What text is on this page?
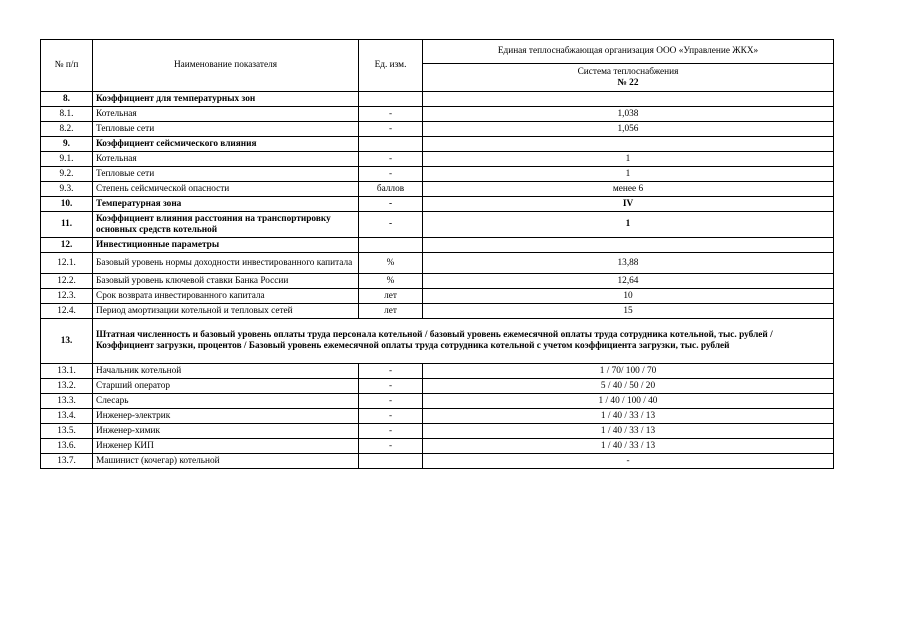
№ п/п	Наименование показателя	Ед. изм.	Единая теплоснабжающая организация ООО «Управление ЖКХ»

			Система теплоснабжения
№ 22

8.	Коэффициент для температурных зон		
8.1.	Котельная	-	1,038
8.2.	Тепловые сети	-	1,056
9.	Коэффициент сейсмического влияния		
9.1.	Котельная	-	1
9.2.	Тепловые сети	-	1
9.3.	Степень сейсмической опасности	баллов	менее 6
10.	Температурная зона	-	IV
11.	Коэффициент влияния расстояния на транспортировку основных средств котельной	-	1
12.	Инвестиционные параметры		
12.1.	Базовый уровень нормы доходности инвестированного капитала	%	13,88
12.2.	Базовый уровень ключевой ставки Банка России	%	12,64
12.3.	Срок возврата инвестированного капитала	лет	10
12.4.	Период амортизации котельной и тепловых сетей	лет	15
13.	Штатная численность и базовый уровень оплаты труда персонала котельной / базовый уровень ежемесячной оплаты труда сотрудника котельной, тыс. рублей / Коэффициент загрузки, процентов / Базовый уровень ежемесячной оплаты труда сотрудника котельной с учетом коэффициента загрузки, тыс. рублей		
13.1.	Начальник котельной	-	1 / 70/ 100 / 70
13.2.	Старший оператор	-	5 / 40 / 50 / 20
13.3.	Слесарь	-	1 / 40 / 100 / 40
13.4.	Инженер-электрик	-	1 / 40 / 33 / 13
13.5.	Инженер-химик	-	1 / 40 / 33 / 13
13.6.	Инженер КИП	-	1 / 40 / 33 / 13
13.7.	Машинист (кочегар) котельной		-
